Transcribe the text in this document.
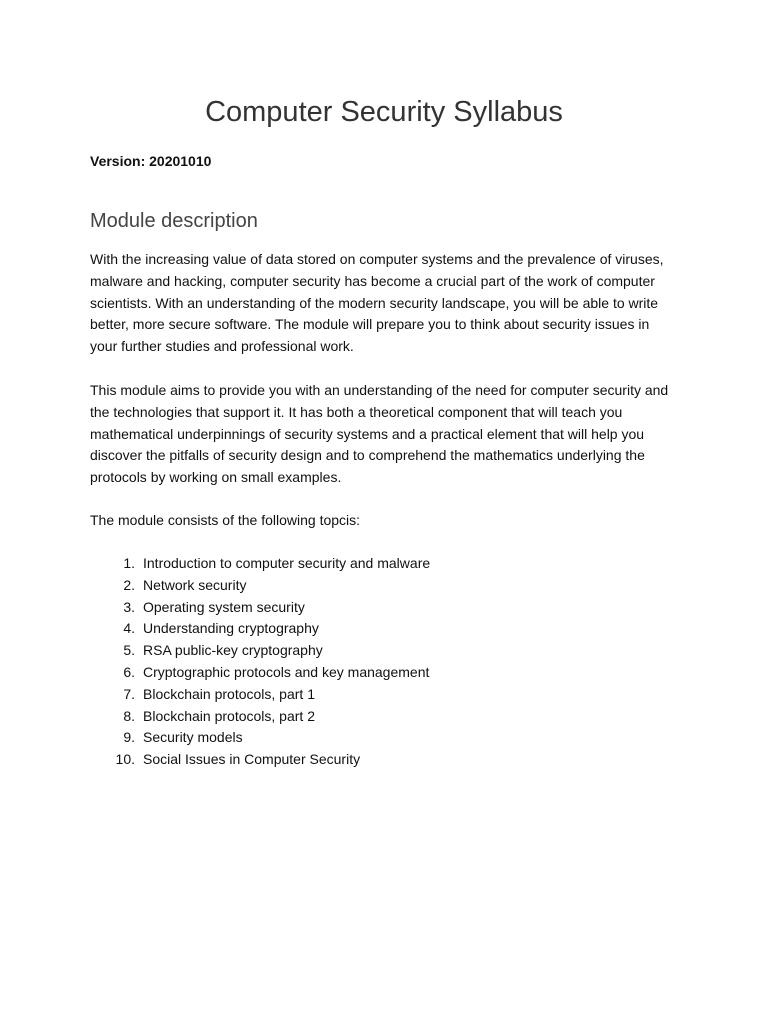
Computer Security Syllabus

Version: 20201010

Module description

With the increasing value of data stored on computer systems and the prevalence of viruses, malware and hacking, computer security has become a crucial part of the work of computer scientists. With an understanding of the modern security landscape, you will be able to write better, more secure software. The module will prepare you to think about security issues in your further studies and professional work.

This module aims to provide you with an understanding of the need for computer security and the technologies that support it. It has both a theoretical component that will teach you mathematical underpinnings of security systems and a practical element that will help you discover the pitfalls of security design and to comprehend the mathematics underlying the protocols by working on small examples.

The module consists of the following topcis:

1. Introduction to computer security and malware
2. Network security
3. Operating system security
4. Understanding cryptography
5. RSA public-key cryptography
6. Cryptographic protocols and key management
7. Blockchain protocols, part 1
8. Blockchain protocols, part 2
9. Security models
10. Social Issues in Computer Security
